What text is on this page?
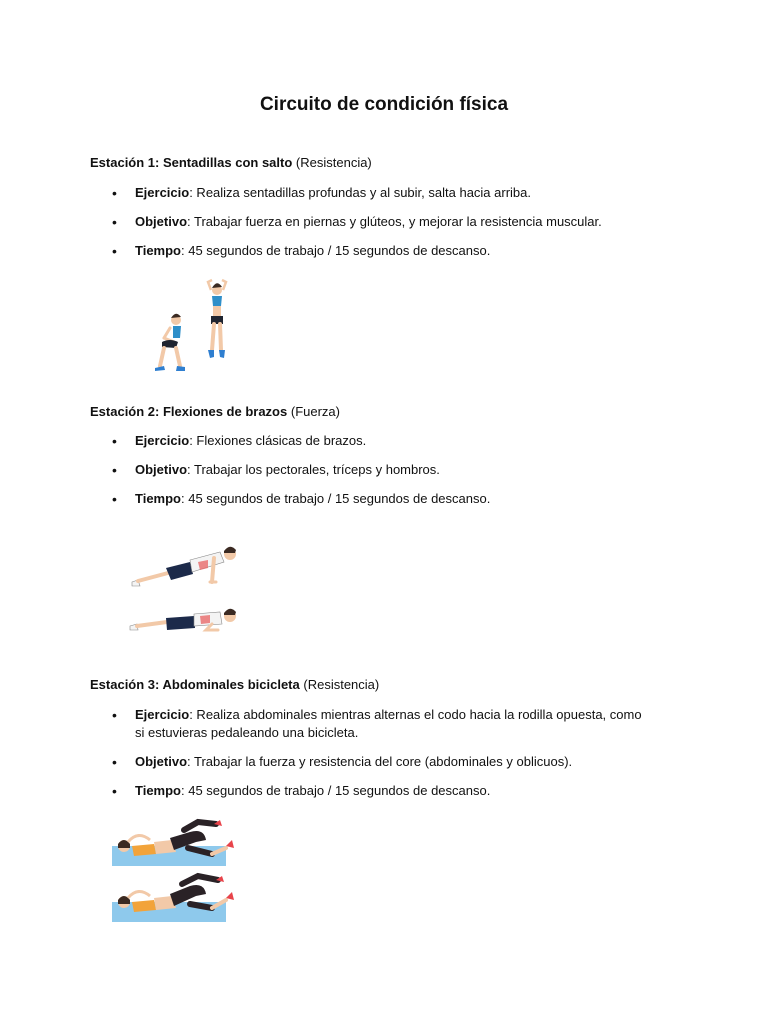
Circuito de condición física
Estación 1: Sentadillas con salto (Resistencia)
• Ejercicio: Realiza sentadillas profundas y al subir, salta hacia arriba.
• Objetivo: Trabajar fuerza en piernas y glúteos, y mejorar la resistencia muscular.
• Tiempo: 45 segundos de trabajo / 15 segundos de descanso.
Estación 2: Flexiones de brazos (Fuerza)
• Ejercicio: Flexiones clásicas de brazos.
• Objetivo: Trabajar los pectorales, tríceps y hombros.
• Tiempo: 45 segundos de trabajo / 15 segundos de descanso.
Estación 3: Abdominales bicicleta (Resistencia)
• Ejercicio: Realiza abdominales mientras alternas el codo hacia la rodilla opuesta, como si estuvieras pedaleando una bicicleta.
• Objetivo: Trabajar la fuerza y resistencia del core (abdominales y oblicuos).
• Tiempo: 45 segundos de trabajo / 15 segundos de descanso.
